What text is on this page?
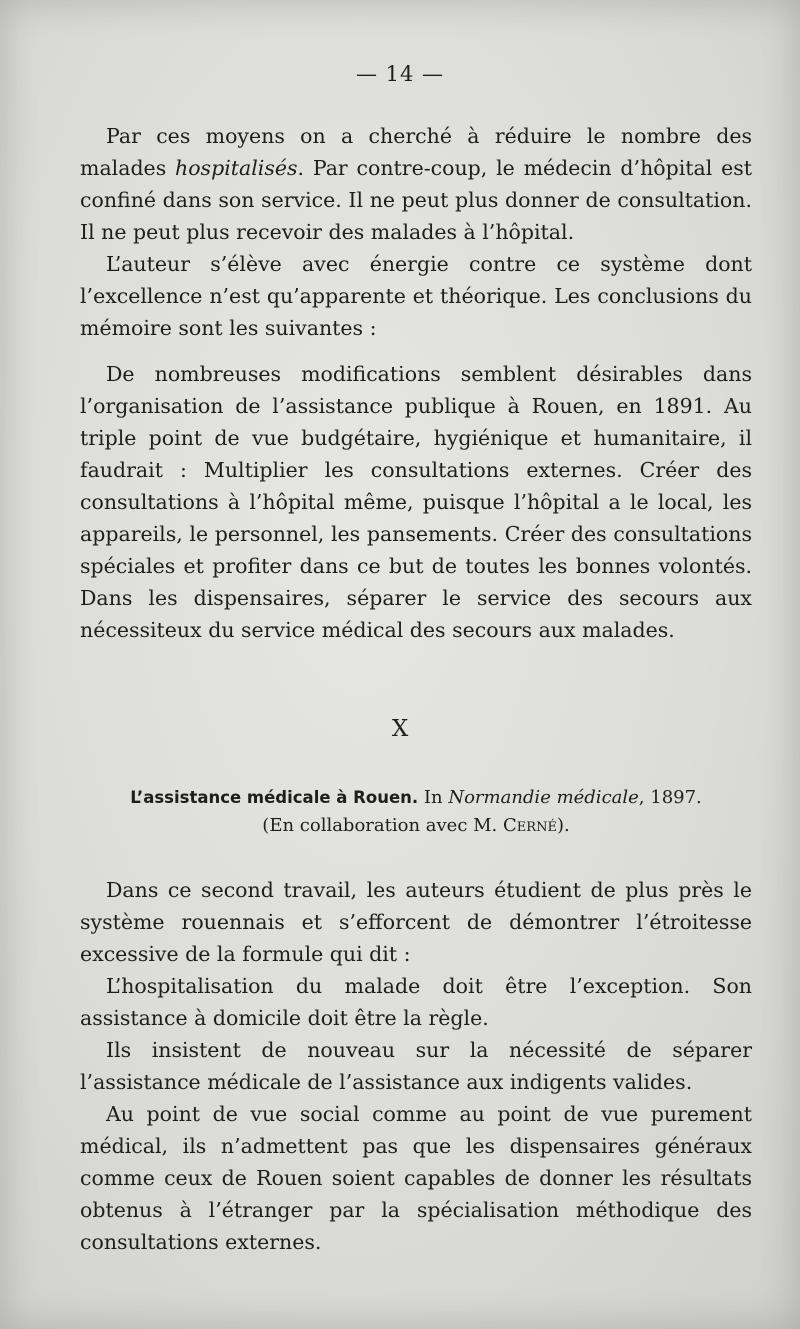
— 14 —

Par ces moyens on a cherché à réduire le nombre des malades hospitalisés. Par contre-coup, le médecin d’hôpital est confiné dans son service. Il ne peut plus donner de consultation. Il ne peut plus recevoir des malades à l’hôpital.

L’auteur s’élève avec énergie contre ce système dont l’excellence n’est qu’apparente et théorique. Les conclusions du mémoire sont les suivantes :

De nombreuses modifications semblent désirables dans l’organisation de l’assistance publique à Rouen, en 1891. Au triple point de vue budgétaire, hygiénique et humanitaire, il faudrait : Multiplier les consultations externes. Créer des consultations à l’hôpital même, puisque l’hôpital a le local, les appareils, le personnel, les pansements. Créer des consultations spéciales et profiter dans ce but de toutes les bonnes volontés. Dans les dispensaires, séparer le service des secours aux nécessiteux du service médical des secours aux malades.

X
L’assistance médicale à Rouen. In Normandie médicale, 1897.
(En collaboration avec M. Cerné).

Dans ce second travail, les auteurs étudient de plus près le système rouennais et s’efforcent de démontrer l’étroitesse excessive de la formule qui dit :

L’hospitalisation du malade doit être l’exception. Son assistance à domicile doit être la règle.

Ils insistent de nouveau sur la nécessité de séparer l’assistance médicale de l’assistance aux indigents valides.

Au point de vue social comme au point de vue purement médical, ils n’admettent pas que les dispensaires généraux comme ceux de Rouen soient capables de donner les résultats obtenus à l’étranger par la spécialisation méthodique des consultations externes.
